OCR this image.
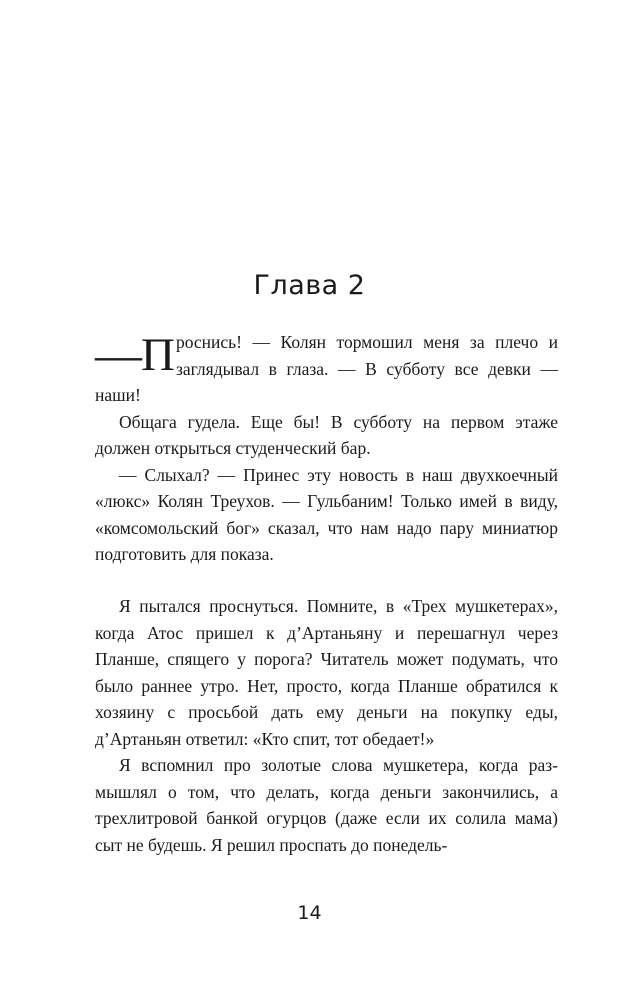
Глава 2

—П роснись! — Колян тормошил меня за плечо и заглядывал в глаза. — В субботу все девки — наши!

Общага гудела. Еще бы! В субботу на первом этаже должен открыться студенческий бар.

— Слыхал? — Принес эту новость в наш двухкоечный «люкс» Колян Треухов. — Гульбаним! Только имей в виду, «комсомольский бог» сказал, что нам надо пару миниатюр подготовить для показа.

Я пытался проснуться. Помните, в «Трех мушкетерах», когда Атос пришел к д’Артаньяну и перешагнул через Планше, спящего у порога? Читатель может подумать, что было раннее утро. Нет, просто, когда Планше обратился к хозяину с просьбой дать ему деньги на покупку еды, д’Артаньян ответил: «Кто спит, тот обедает!»

Я вспомнил про золотые слова мушкетера, когда размышлял о том, что делать, когда деньги закончились, а трехлитровой банкой огурцов (даже если их солила мама) сыт не будешь. Я решил проспать до понедель-

14
